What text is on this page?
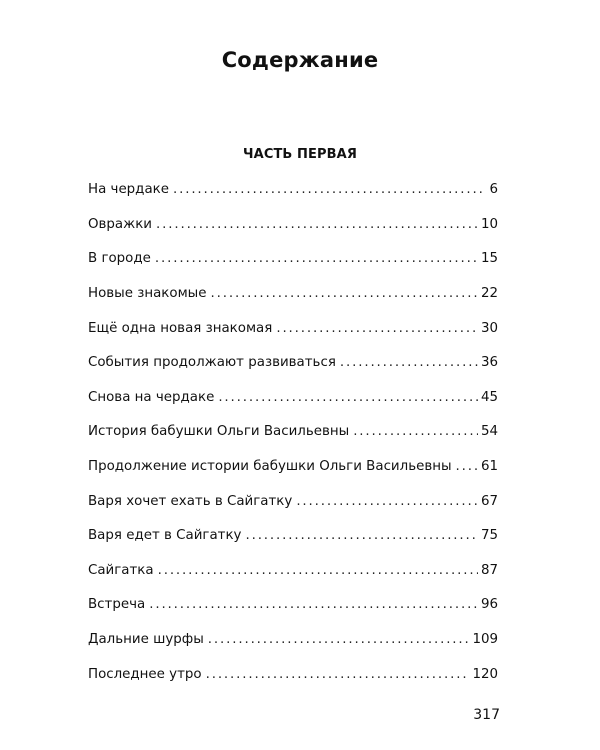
Содержание
ЧАСТЬ ПЕРВАЯ
На чердаке . . .	6
Овражки . . .	10
В городе . . .	15
Новые знакомые . . .	22
Ещё одна новая знакомая . . .	30
События продолжают развиваться . . .	36
Снова на чердаке . . .	45
История бабушки Ольги Васильевны . . .	54
Продолжение истории бабушки Ольги Васильевны . . . 61
Варя хочет ехать в Сайгатку . . .	67
Варя едет в Сайгатку . . .	75
Сайгатка . . .	87
Встреча . . .	96
Дальние шурфы . . .	109
Последнее утро . . .	120
317
